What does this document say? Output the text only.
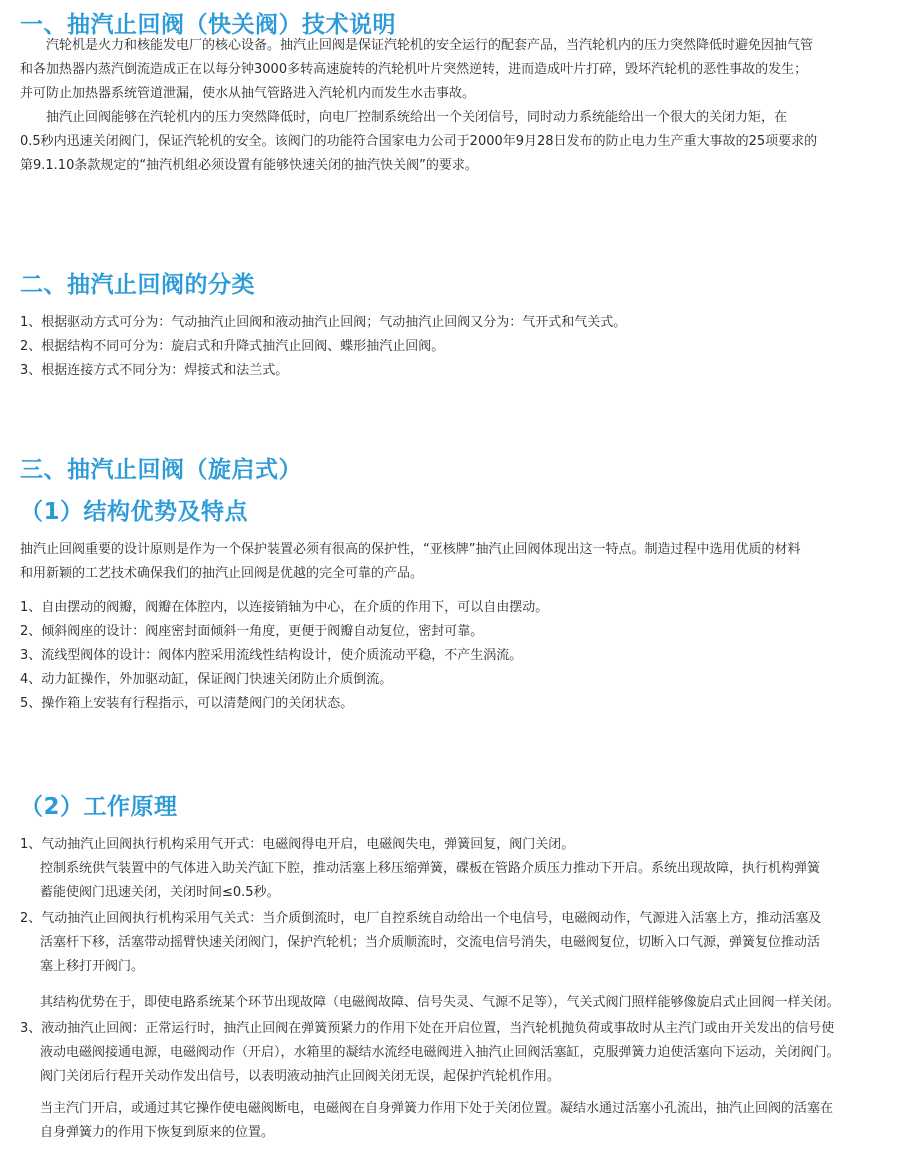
一、抽汽止回阀（快关阀）技术说明
汽轮机是火力和核能发电厂的核心设备。抽汽止回阀是保证汽轮机的安全运行的配套产品，当汽轮机内的压力突然降低时避免因抽气管
和各加热器内蒸汽倒流造成正在以每分钟3000多转高速旋转的汽轮机叶片突然逆转，进而造成叶片打碎，毁坏汽轮机的恶性事故的发生；
并可防止加热器系统管道泄漏，使水从抽气管路进入汽轮机内而发生水击事故。
抽汽止回阀能够在汽轮机内的压力突然降低时，向电厂控制系统给出一个关闭信号，同时动力系统能给出一个很大的关闭力矩，在
0.5秒内迅速关闭阀门，保证汽轮机的安全。该阀门的功能符合国家电力公司于2000年9月28日发布的防止电力生产重大事故的25项要求的
第9.1.10条款规定的“抽汽机组必须设置有能够快速关闭的抽汽快关阀”的要求。
二、抽汽止回阀的分类
1、根据驱动方式可分为：气动抽汽止回阀和液动抽汽止回阀；气动抽汽止回阀又分为：气开式和气关式。
2、根据结构不同可分为：旋启式和升降式抽汽止回阀、蝶形抽汽止回阀。
3、根据连接方式不同分为：焊接式和法兰式。
三、抽汽止回阀（旋启式）
（1）结构优势及特点
抽汽止回阀重要的设计原则是作为一个保护装置必须有很高的保护性，“亚核牌”抽汽止回阀体现出这一特点。制造过程中选用优质的材料
和用新颖的工艺技术确保我们的抽汽止回阀是优越的完全可靠的产品。
1、自由摆动的阀瓣，阀瓣在体腔内，以连接销轴为中心，在介质的作用下，可以自由摆动。
2、倾斜阀座的设计：阀座密封面倾斜一角度，更便于阀瓣自动复位，密封可靠。
3、流线型阀体的设计：阀体内腔采用流线性结构设计，使介质流动平稳，不产生涡流。
4、动力缸操作，外加驱动缸，保证阀门快速关闭防止介质倒流。
5、操作箱上安装有行程指示，可以清楚阀门的关闭状态。
（2）工作原理
1、气动抽汽止回阀执行机构采用气开式：电磁阀得电开启，电磁阀失电，弹簧回复，阀门关闭。
控制系统供气装置中的气体进入助关汽缸下腔，推动活塞上移压缩弹簧，碟板在管路介质压力推动下开启。系统出现故障，执行机构弹簧
蓄能使阀门迅速关闭，关闭时间≤0.5秒。
2、气动抽汽止回阀执行机构采用气关式：当介质倒流时，电厂自控系统自动给出一个电信号，电磁阀动作，气源进入活塞上方，推动活塞及
活塞杆下移，活塞带动摇臂快速关闭阀门，保护汽轮机；当介质顺流时，交流电信号消失，电磁阀复位，切断入口气源，弹簧复位推动活
塞上移打开阀门。
其结构优势在于，即使电路系统某个环节出现故障（电磁阀故障、信号失灵、气源不足等），气关式阀门照样能够像旋启式止回阀一样关闭。
3、液动抽汽止回阀：正常运行时，抽汽止回阀在弹簧预紧力的作用下处在开启位置，当汽轮机抛负荷或事故时从主汽门或由开关发出的信号使
液动电磁阀接通电源，电磁阀动作（开启），水箱里的凝结水流经电磁阀进入抽汽止回阀活塞缸，克服弹簧力迫使活塞向下运动，关闭阀门。
阀门关闭后行程开关动作发出信号，以表明液动抽汽止回阀关闭无误，起保护汽轮机作用。
当主汽门开启，或通过其它操作使电磁阀断电，电磁阀在自身弹簧力作用下处于关闭位置。凝结水通过活塞小孔流出，抽汽止回阀的活塞在
自身弹簧力的作用下恢复到原来的位置。
